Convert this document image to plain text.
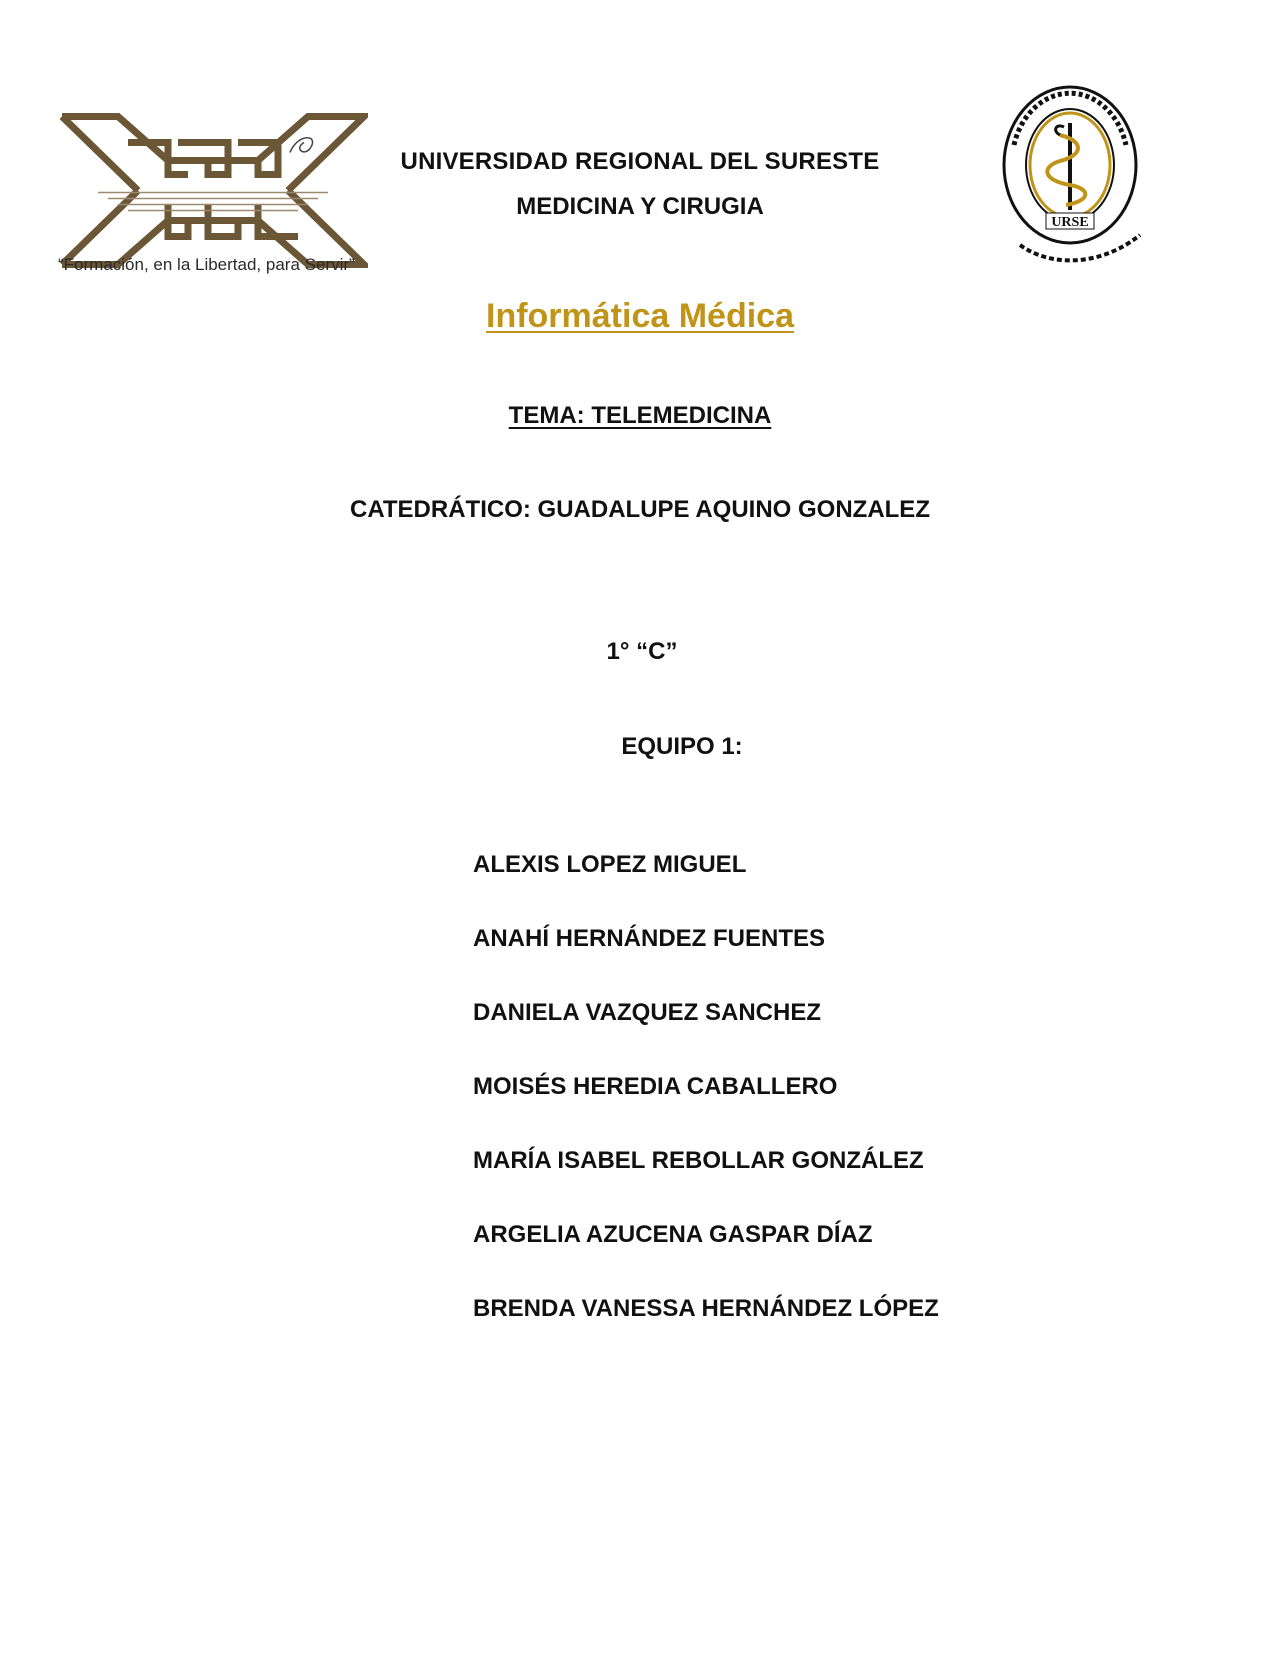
“Formación, en la Libertad, para Servir”
URSE
UNIVERSIDAD REGIONAL DEL SURESTE
MEDICINA Y CIRUGIA
Informática Médica
TEMA: TELEMEDICINA
CATEDRÁTICO: GUADALUPE AQUINO GONZALEZ
1° “C”
EQUIPO 1:
ALEXIS LOPEZ MIGUEL
ANAHÍ HERNÁNDEZ FUENTES
DANIELA VAZQUEZ SANCHEZ
MOISÉS HEREDIA CABALLERO
MARÍA ISABEL REBOLLAR GONZÁLEZ
ARGELIA AZUCENA GASPAR DÍAZ
BRENDA VANESSA HERNÁNDEZ LÓPEZ
